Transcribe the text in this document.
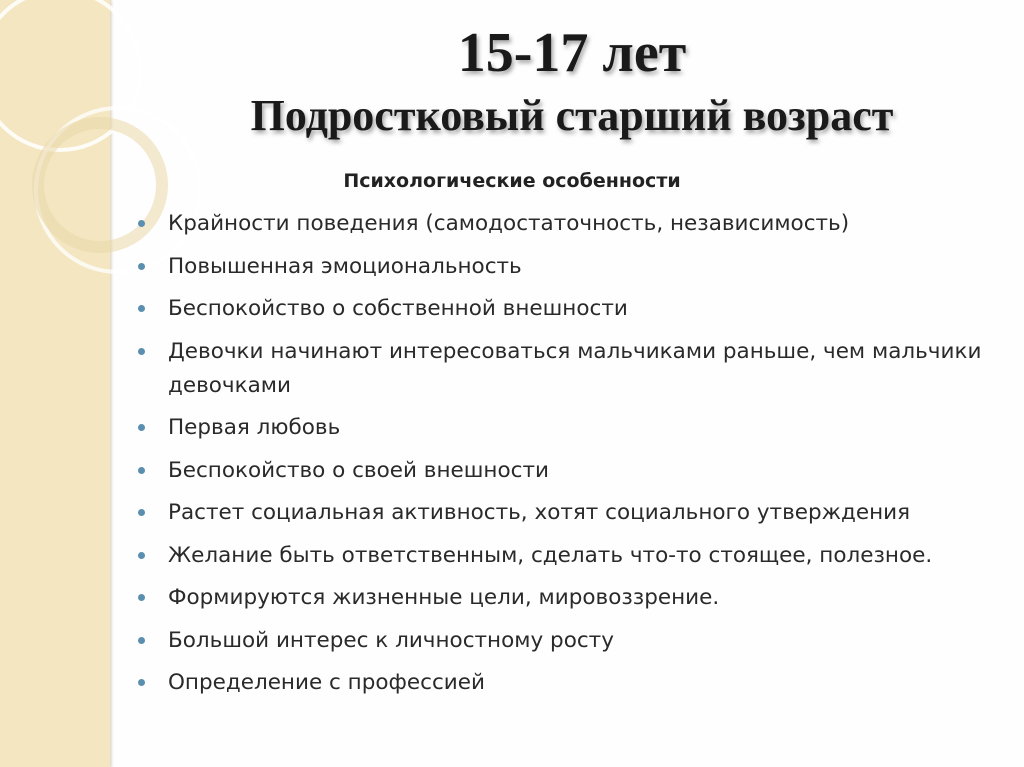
15-17 лет
Подростковый старший возраст
Психологические особенности
Крайности поведения (самодостаточность, независимость)
Повышенная эмоциональность
Беспокойство о собственной внешности
Девочки начинают интересоваться мальчиками раньше, чем мальчики девочками
Первая любовь
Беспокойство о своей внешности
Растет социальная активность, хотят социального утверждения
Желание быть ответственным, сделать что-то стоящее, полезное.
Формируются жизненные цели, мировоззрение.
Большой интерес к личностному росту
Определение с профессией
